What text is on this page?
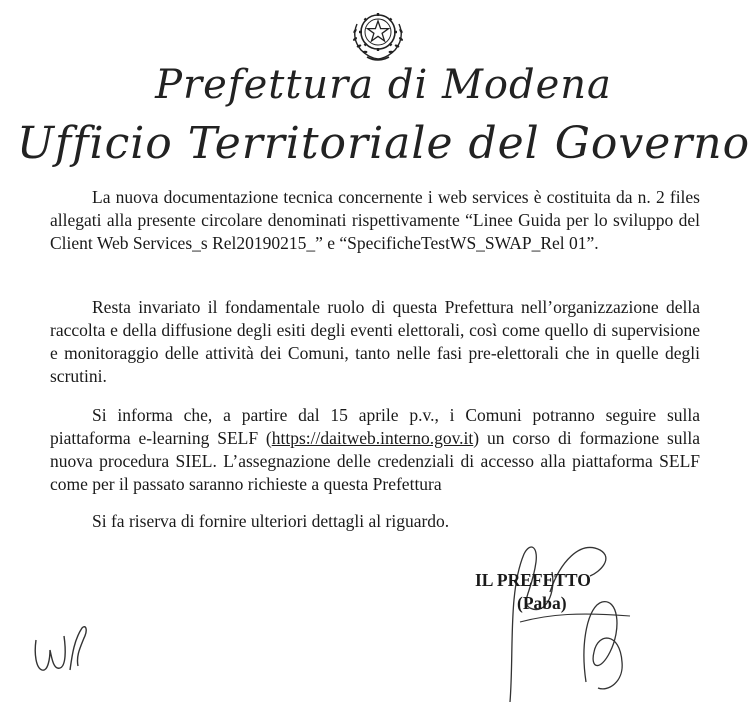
Prefettura di Modena
Ufficio Territoriale del Governo

La nuova documentazione tecnica concernente i web services è costituita da n. 2 files allegati alla presente circolare denominati rispettivamente “Linee Guida per lo sviluppo del Client Web Services_s Rel20190215_” e “SpecificheTestWS_SWAP_Rel 01”.

Resta invariato il fondamentale ruolo di questa Prefettura nell’organizzazione della raccolta e della diffusione degli esiti degli eventi elettorali, così come quello di supervisione e monitoraggio delle attività dei Comuni, tanto nelle fasi pre-elettorali che in quelle degli scrutini.

Si informa che, a partire dal 15 aprile p.v., i Comuni potranno seguire sulla piattaforma e-learning SELF (https://daitweb.interno.gov.it) un corso di formazione sulla nuova procedura SIEL. L’assegnazione delle credenziali di accesso alla piattaforma SELF come per il passato saranno richieste a questa Prefettura

Si fa riserva di fornire ulteriori dettagli al riguardo.

IL PREFETTO
(Paba)
